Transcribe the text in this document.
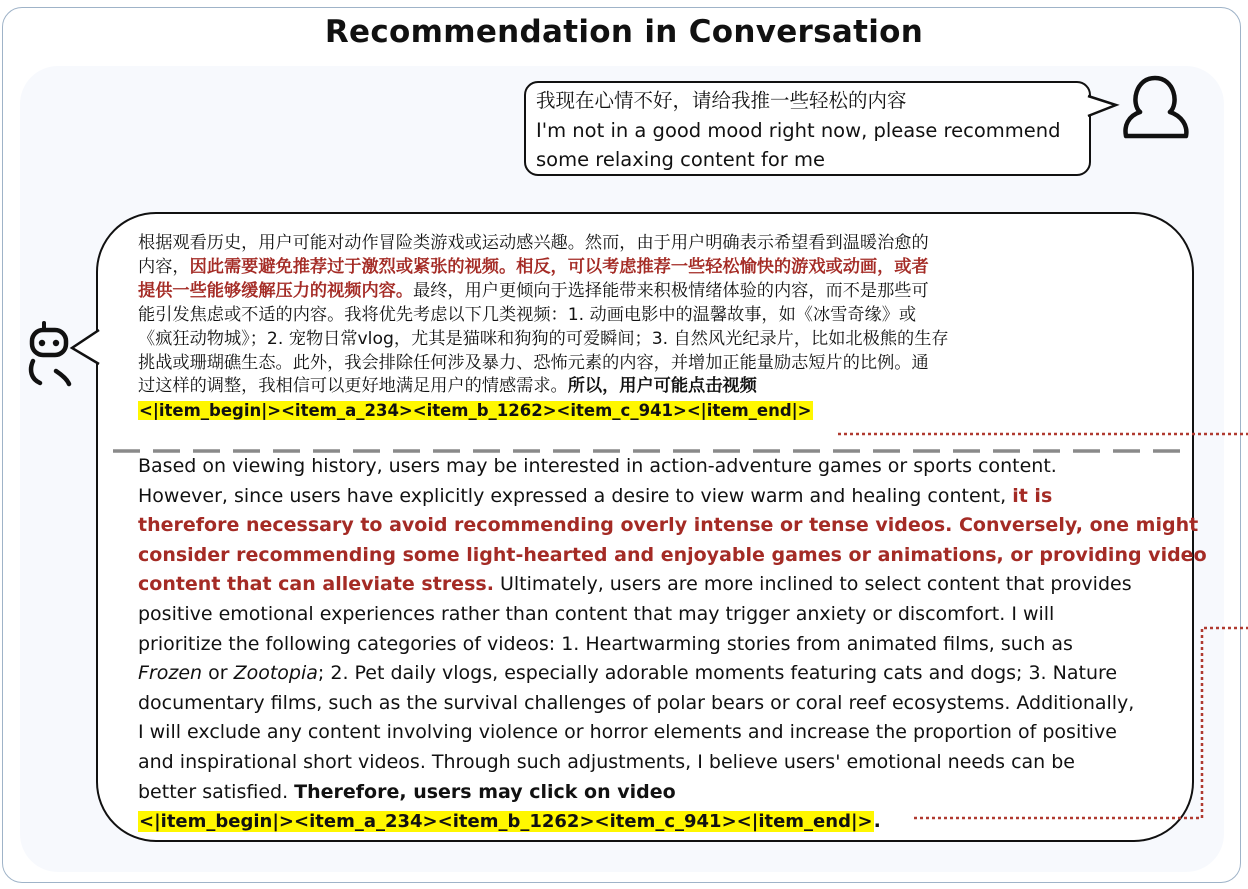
Recommendation in Conversation

我现在心情不好，请给我推一些轻松的内容

I'm not in a good mood right now, please recommend

some relaxing content for me

根据观看历史，用户可能对动作冒险类游戏或运动感兴趣。然而，由于用户明确表示希望看到温暖治愈的

内容，因此需要避免推荐过于激烈或紧张的视频。相反，可以考虑推荐一些轻松愉快的游戏或动画，或者

提供一些能够缓解压力的视频内容。最终，用户更倾向于选择能带来积极情绪体验的内容，而不是那些可

能引发焦虑或不适的内容。我将优先考虑以下几类视频：1. 动画电影中的温馨故事，如《冰雪奇缘》或

《疯狂动物城》；2. 宠物日常vlog，尤其是猫咪和狗狗的可爱瞬间；3. 自然风光纪录片，比如北极熊的生存

挑战或珊瑚礁生态。此外，我会排除任何涉及暴力、恐怖元素的内容，并增加正能量励志短片的比例。通

过这样的调整，我相信可以更好地满足用户的情感需求。所以，用户可能点击视频

<|item_begin|><item_a_234><item_b_1262><item_c_941><|item_end|>

Based on viewing history, users may be interested in action-adventure games or sports content.

However, since users have explicitly expressed a desire to view warm and healing content, it is

therefore necessary to avoid recommending overly intense or tense videos. Conversely, one might

consider recommending some light-hearted and enjoyable games or animations, or providing video

content that can alleviate stress. Ultimately, users are more inclined to select content that provides

positive emotional experiences rather than content that may trigger anxiety or discomfort. I will

prioritize the following categories of videos: 1. Heartwarming stories from animated films, such as

Frozen or Zootopia; 2. Pet daily vlogs, especially adorable moments featuring cats and dogs; 3. Nature

documentary films, such as the survival challenges of polar bears or coral reef ecosystems. Additionally,

I will exclude any content involving violence or horror elements and increase the proportion of positive

and inspirational short videos. Through such adjustments, I believe users' emotional needs can be

better satisfied. Therefore, users may click on video

<|item_begin|><item_a_234><item_b_1262><item_c_941><|item_end|>.
